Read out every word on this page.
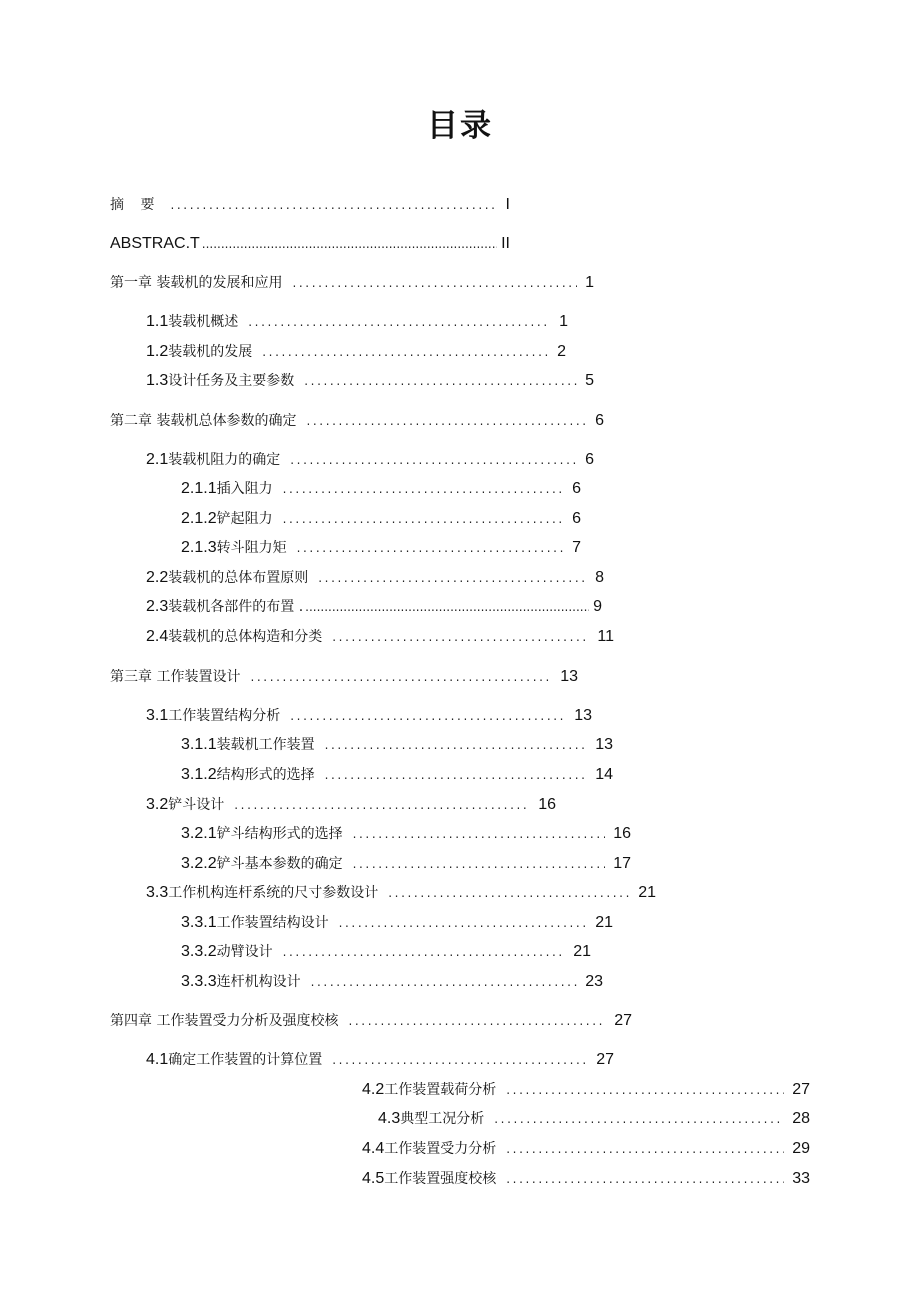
目录
摘 要 .....	I
ABSTRAC.T .....	II
第一章 装载机的发展和应用 .....	1
1.1 装载机概述 .....	1
1.2 装载机的发展 .....	2
1.3 设计任务及主要参数 .....	5
第二章 装载机总体参数的确定 .....	6
2.1 装载机阻力的确定 .....	6
2.1.1 插入阻力 .....	6
2.1.2 铲起阻力 .....	6
2.1.3 转斗阻力矩 .....	7
2.2 装载机的总体布置原则 .....	8
2.3 装载机各部件的布置 . .....	9
2.4 装载机的总体构造和分类 .....	11
第三章 工作装置设计 .....	13
3.1 工作装置结构分析 .....	13
3.1.1 装载机工作装置 .....	13
3.1.2 结构形式的选择 .....	14
3.2 铲斗设计 .....	16
3.2.1 铲斗结构形式的选择 .....	16
3.2.2 铲斗基本参数的确定 .....	17
3.3 工作机构连杆系统的尺寸参数设计 .....	21
3.3.1 工作装置结构设计 .....	21
3.3.2 动臂设计 .....	21
3.3.3 连杆机构设计 .....	23
第四章 工作装置受力分析及强度校核 .....	27
4.1 确定工作装置的计算位置 .....	27
4.2 工作装置载荷分析 .....	27
4.3 典型工况分析 .....	28
4.4 工作装置受力分析 .....	29
4.5 工作装置强度校核 .....	33
